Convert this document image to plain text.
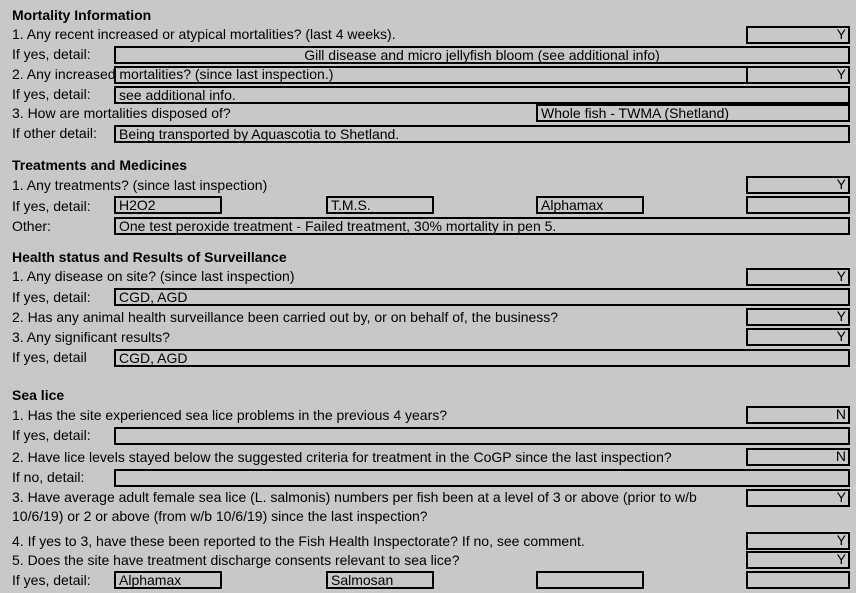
Mortality Information
1. Any recent increased or atypical mortalities? (last 4 weeks).	Y
If yes, detail:	Gill disease and micro jellyfish bloom (see additional info)
2. Any increased mortalities? (since last inspection.)	Y
If yes, detail:	see additional info.
3. How are mortalities disposed of?	Whole fish - TWMA (Shetland)
If other detail:	Being transported by Aquascotia to Shetland.
Treatments and Medicines
1. Any treatments? (since last inspection)	Y
If yes, detail:	H2O2	T.M.S.	Alphamax
Other:	One test peroxide treatment - Failed treatment, 30% mortality in pen 5.
Health status and Results of Surveillance
1. Any disease on site? (since last inspection)	Y
If yes, detail:	CGD, AGD
2. Has any animal health surveillance been carried out by, or on behalf of, the business?	Y
3. Any significant results?	Y
If yes, detail	CGD, AGD
Sea lice
1. Has the site experienced sea lice problems in the previous 4 years?	N
If yes, detail:
2. Have lice levels stayed below the suggested criteria for treatment in the CoGP since the last inspection?	N
If no, detail:
3. Have average adult female sea lice (L. salmonis) numbers per fish been at a level of 3 or above (prior to w/b	Y
10/6/19) or 2 or above (from w/b 10/6/19) since the last inspection?
4. If yes to 3, have these been reported to the Fish Health Inspectorate? If no, see comment.	Y
5. Does the site have treatment discharge consents relevant to sea lice?	Y
If yes, detail:	Alphamax	Salmosan
